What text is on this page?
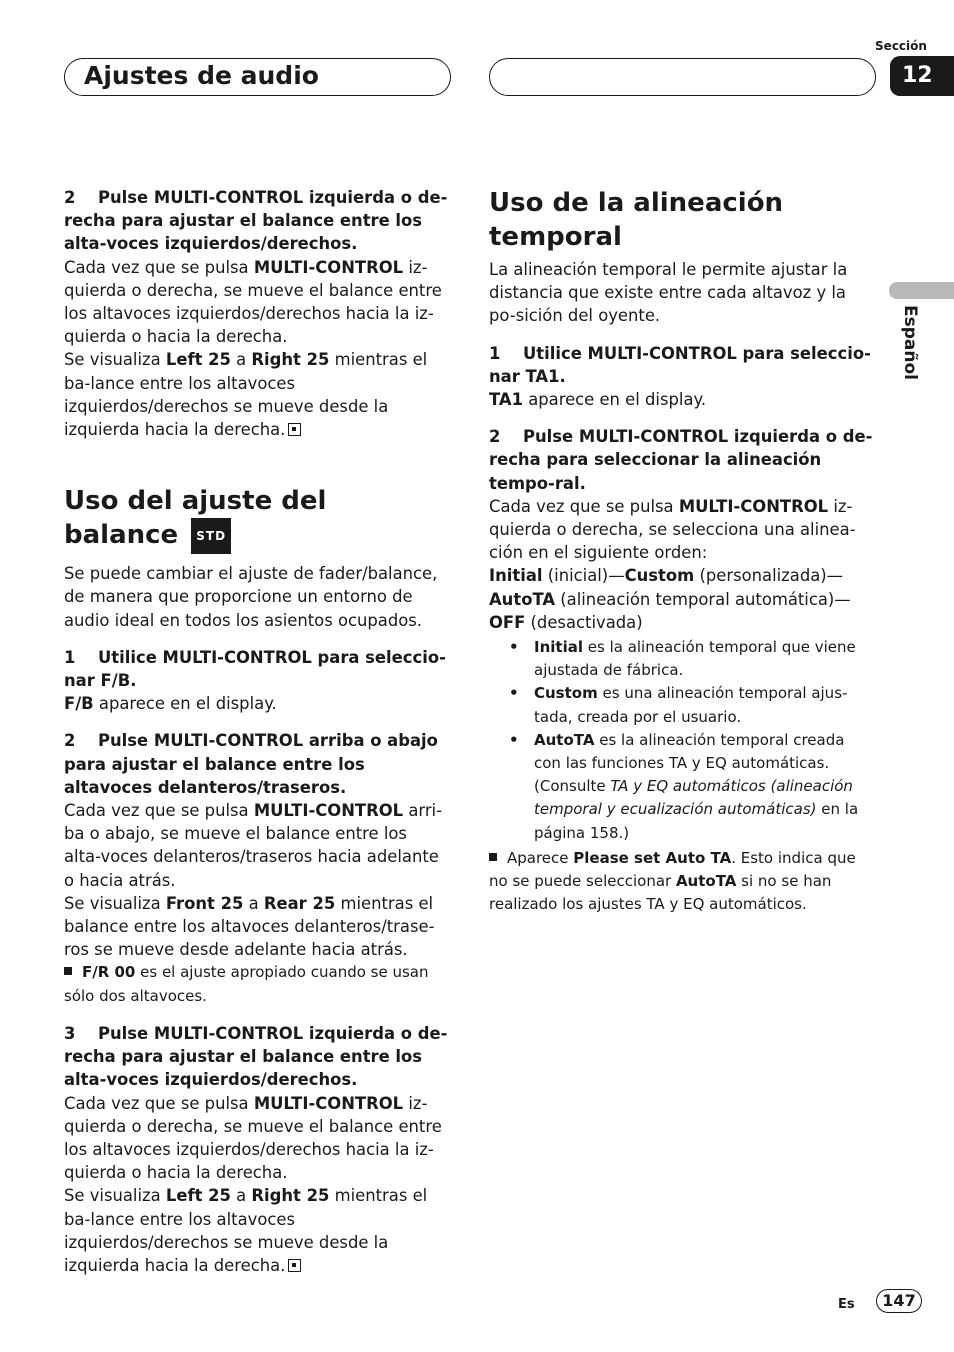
Sección
12
Ajustes de audio
Español

2 Pulse MULTI-CONTROL izquierda o de-recha para ajustar el balance entre los alta-voces izquierdos/derechos.

Cada vez que se pulsa MULTI-CONTROL iz-quierda o derecha, se mueve el balance entre los altavoces izquierdos/derechos hacia la iz-quierda o hacia la derecha.

Se visualiza Left 25 a Right 25 mientras el ba-lance entre los altavoces izquierdos/derechos se mueve desde la izquierda hacia la derecha.

Uso del ajuste del balance STD

Se puede cambiar el ajuste de fader/balance, de manera que proporcione un entorno de audio ideal en todos los asientos ocupados.

1 Utilice MULTI-CONTROL para seleccio-nar F/B.

F/B aparece en el display.

2 Pulse MULTI-CONTROL arriba o abajo para ajustar el balance entre los altavoces delanteros/traseros.

Cada vez que se pulsa MULTI-CONTROL arri-ba o abajo, se mueve el balance entre los alta-voces delanteros/traseros hacia adelante o hacia atrás.

Se visualiza Front 25 a Rear 25 mientras el balance entre los altavoces delanteros/trase-ros se mueve desde adelante hacia atrás.

F/R 00 es el ajuste apropiado cuando se usan sólo dos altavoces.

3 Pulse MULTI-CONTROL izquierda o de-recha para ajustar el balance entre los alta-voces izquierdos/derechos.

Cada vez que se pulsa MULTI-CONTROL iz-quierda o derecha, se mueve el balance entre los altavoces izquierdos/derechos hacia la iz-quierda o hacia la derecha.

Se visualiza Left 25 a Right 25 mientras el ba-lance entre los altavoces izquierdos/derechos se mueve desde la izquierda hacia la derecha.

Uso de la alineación temporal

La alineación temporal le permite ajustar la distancia que existe entre cada altavoz y la po-sición del oyente.

1 Utilice MULTI-CONTROL para seleccio-nar TA1.

TA1 aparece en el display.

2 Pulse MULTI-CONTROL izquierda o de-recha para seleccionar la alineación tempo-ral.

Cada vez que se pulsa MULTI-CONTROL iz-quierda o derecha, se selecciona una alinea-ción en el siguiente orden:

Initial (inicial)—Custom (personalizada)—AutoTA (alineación temporal automática)—OFF (desactivada)

• Initial es la alineación temporal que viene ajustada de fábrica.
• Custom es una alineación temporal ajus-tada, creada por el usuario.
• AutoTA es la alineación temporal creada con las funciones TA y EQ automáticas. (Consulte TA y EQ automáticos (alineación temporal y ecualización automáticas) en la página 158.)

Aparece Please set Auto TA. Esto indica que no se puede seleccionar AutoTA si no se han realizado los ajustes TA y EQ automáticos.

Es	147
